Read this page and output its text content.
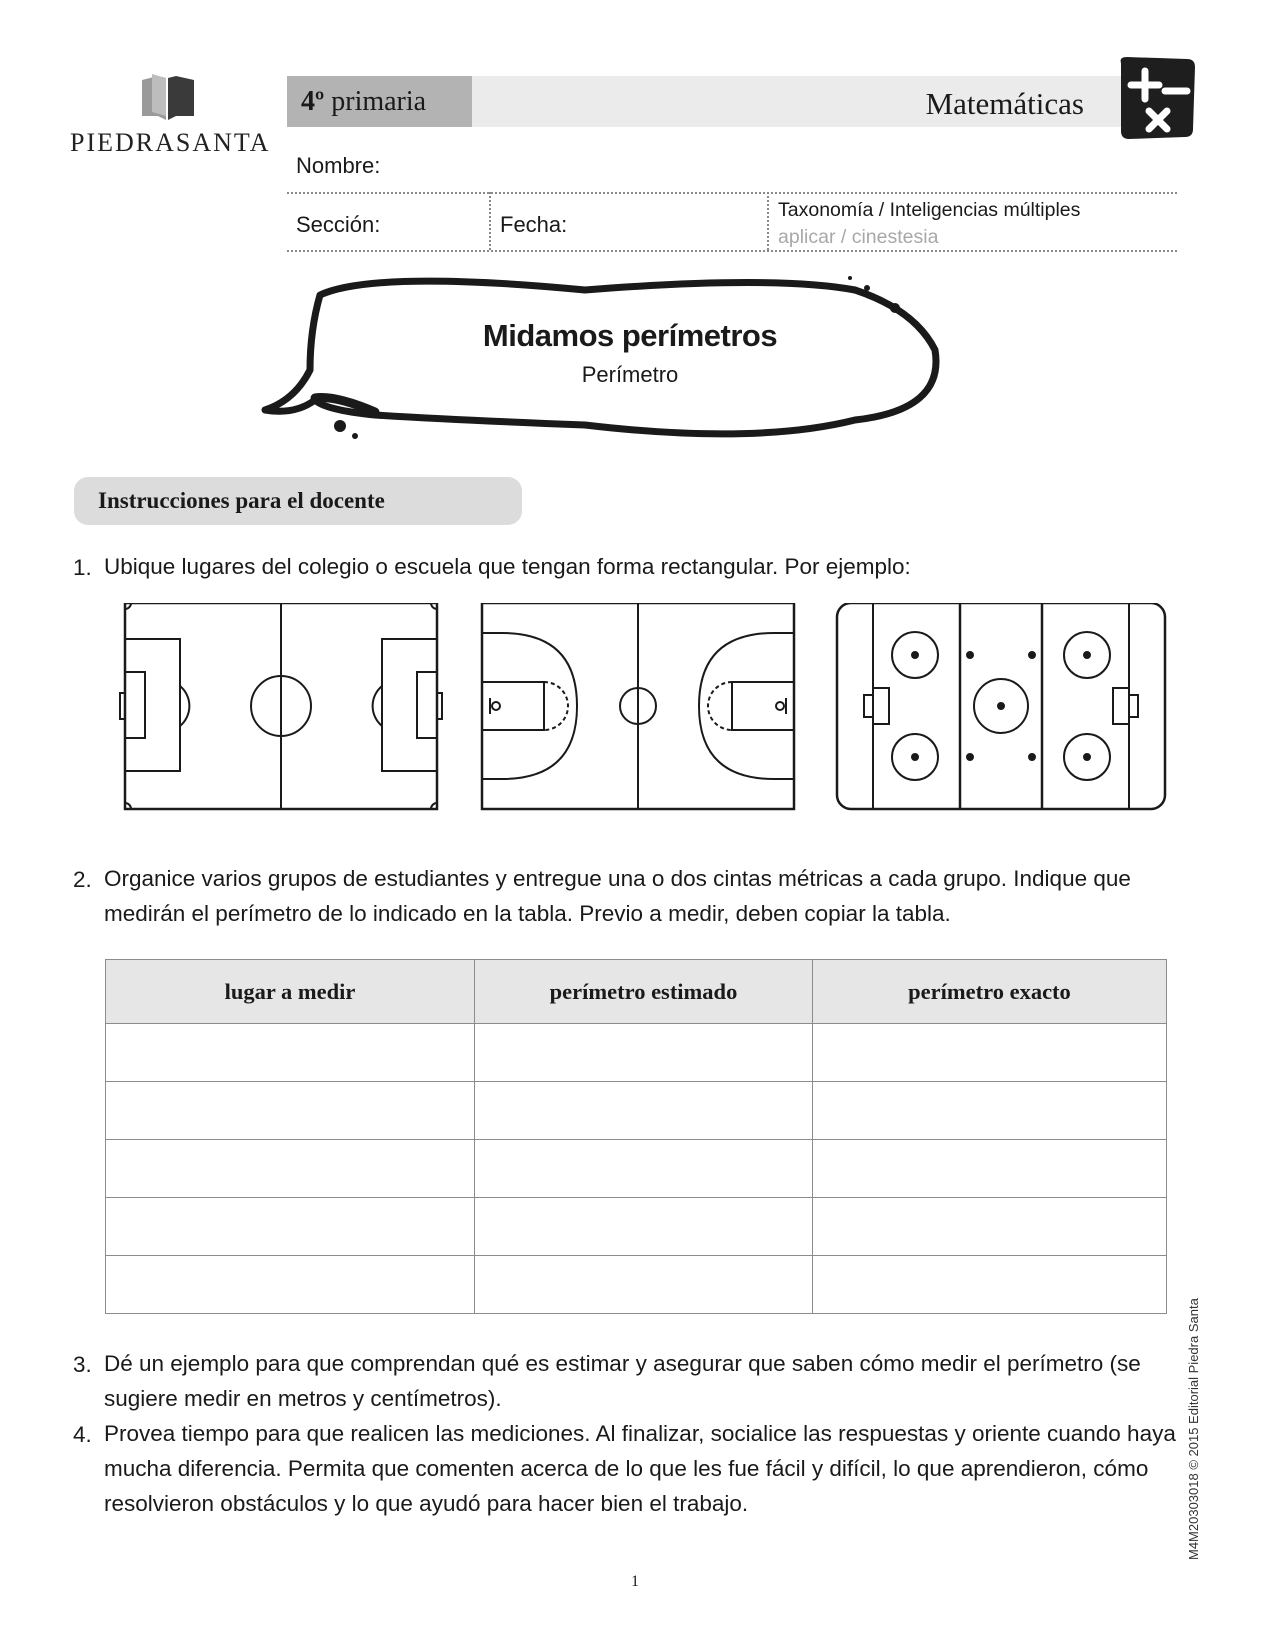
PIEDRASANTA
4º primaria	Matemáticas
Nombre:
Sección:	Fecha:
Taxonomía / Inteligencias múltiples
aplicar / cinestesia
Midamos perímetros
Perímetro
Instrucciones para el docente
1. Ubique lugares del colegio o escuela que tengan forma rectangular. Por ejemplo:
2. Organice varios grupos de estudiantes y entregue una o dos cintas métricas a cada grupo. Indique que medirán el perímetro de lo indicado en la tabla. Previo a medir, deben copiar la tabla.
lugar a medir	perímetro estimado	perímetro exacto

3. Dé un ejemplo para que comprendan qué es estimar y asegurar que saben cómo medir el perímetro (se sugiere medir en metros y centímetros).
4. Provea tiempo para que realicen las mediciones. Al finalizar, socialice las respuestas y oriente cuando haya mucha diferencia. Permita que comenten acerca de lo que les fue fácil y difícil, lo que aprendieron, cómo resolvieron obstáculos y lo que ayudó para hacer bien el trabajo.	M4M20303018 © 2015 Editorial Piedra Santa
1
